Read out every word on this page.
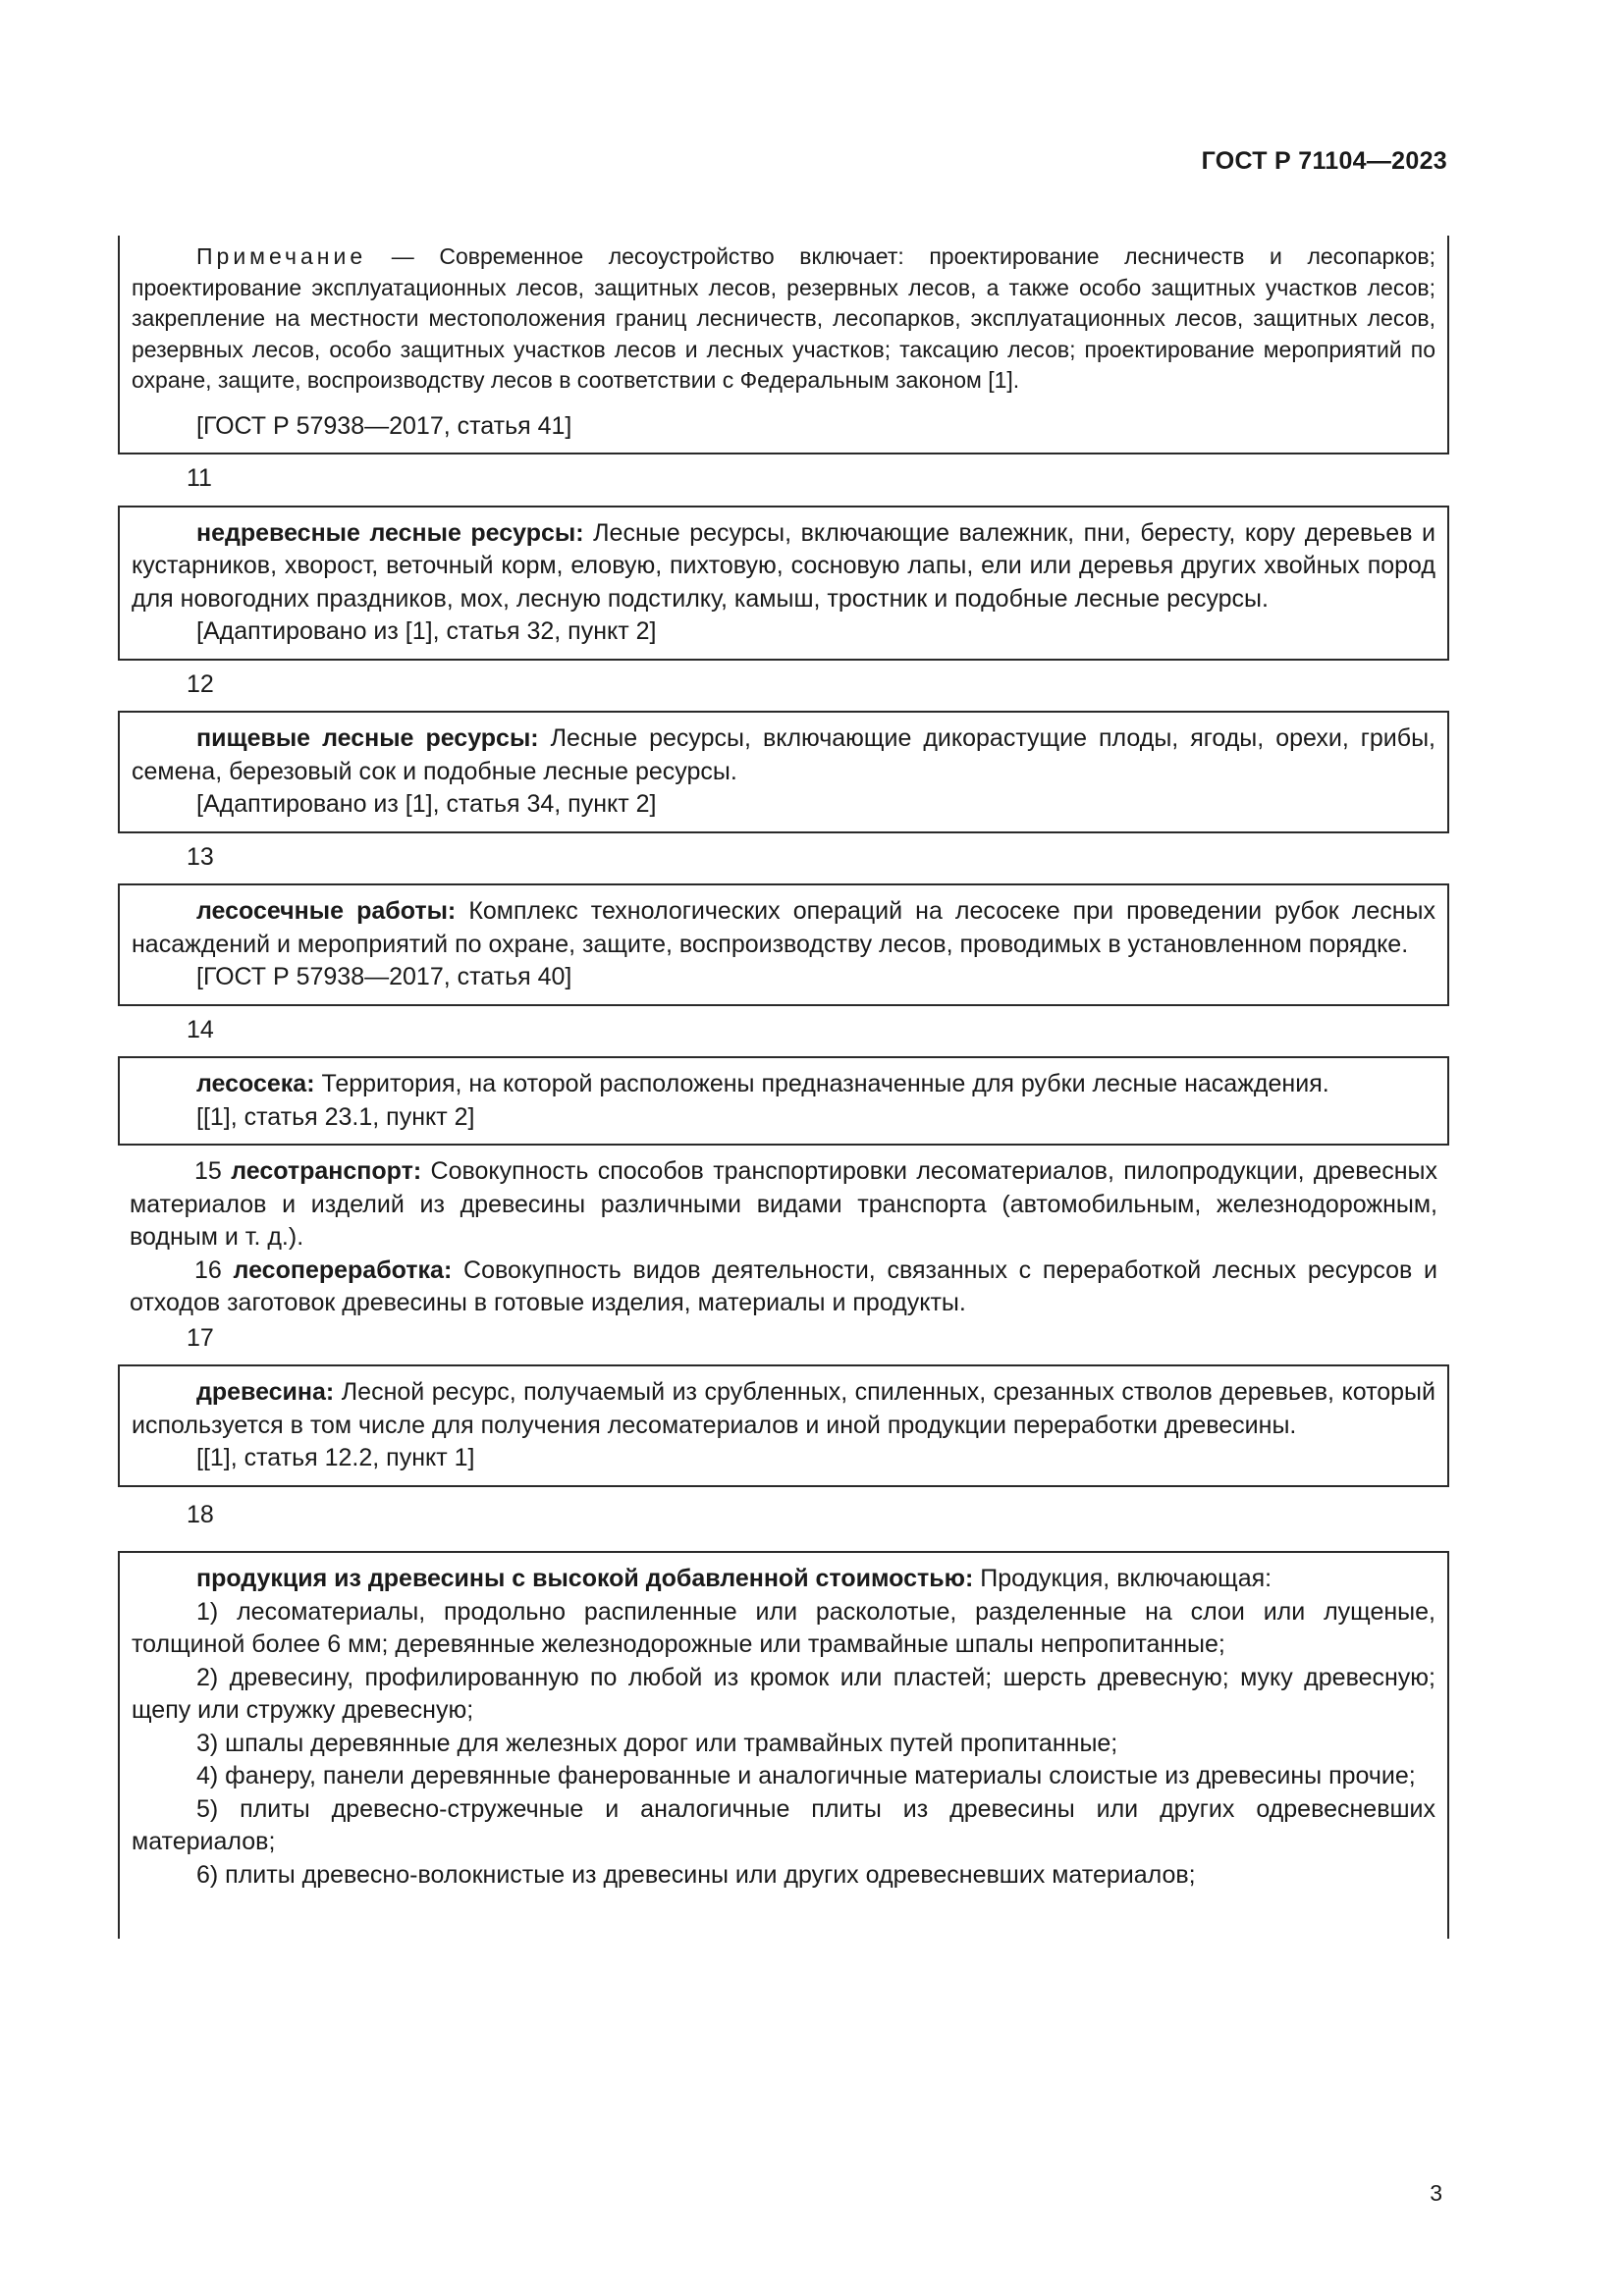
ГОСТ Р 71104—2023

Примечание — Современное лесоустройство включает: проектирование лесничеств и лесопарков; проектирование эксплуатационных лесов, защитных лесов, резервных лесов, а также особо защитных участков лесов; закрепление на местности местоположения границ лесничеств, лесопарков, эксплуатационных лесов, защитных лесов, резервных лесов, особо защитных участков лесов и лесных участков; таксацию лесов; проектирование мероприятий по охране, защите, воспроизводству лесов в соответствии с Федеральным законом [1].

[ГОСТ Р 57938—2017, статья 41]

11

недревесные лесные ресурсы: Лесные ресурсы, включающие валежник, пни, бересту, кору деревьев и кустарников, хворост, веточный корм, еловую, пихтовую, сосновую лапы, ели или деревья других хвойных пород для новогодних праздников, мох, лесную подстилку, камыш, тростник и подобные лесные ресурсы.

[Адаптировано из [1], статья 32, пункт 2]

12

пищевые лесные ресурсы: Лесные ресурсы, включающие дикорастущие плоды, ягоды, орехи, грибы, семена, березовый сок и подобные лесные ресурсы.

[Адаптировано из [1], статья 34, пункт 2]

13

лесосечные работы: Комплекс технологических операций на лесосеке при проведении рубок лесных насаждений и мероприятий по охране, защите, воспроизводству лесов, проводимых в установленном порядке.

[ГОСТ Р 57938—2017, статья 40]

14

лесосека: Территория, на которой расположены предназначенные для рубки лесные насаждения.

[[1], статья 23.1, пункт 2]

15 лесотранспорт: Совокупность способов транспортировки лесоматериалов, пилопродукции, древесных материалов и изделий из древесины различными видами транспорта (автомобильным, железнодорожным, водным и т. д.).

16 лесопереработка: Совокупность видов деятельности, связанных с переработкой лесных ресурсов и отходов заготовок древесины в готовые изделия, материалы и продукты.

17

древесина: Лесной ресурс, получаемый из срубленных, спиленных, срезанных стволов деревьев, который используется в том числе для получения лесоматериалов и иной продукции переработки древесины.

[[1], статья 12.2, пункт 1]

18

продукция из древесины с высокой добавленной стоимостью: Продукция, включающая:

1) лесоматериалы, продольно распиленные или расколотые, разделенные на слои или лущеные, толщиной более 6 мм; деревянные железнодорожные или трамвайные шпалы непропитанные;

2) древесину, профилированную по любой из кромок или пластей; шерсть древесную; муку древесную; щепу или стружку древесную;

3) шпалы деревянные для железных дорог или трамвайных путей пропитанные;

4) фанеру, панели деревянные фанерованные и аналогичные материалы слоистые из древесины прочие;

5) плиты древесно-стружечные и аналогичные плиты из древесины или других одревесневших материалов;

6) плиты древесно-волокнистые из древесины или других одревесневших материалов;

3
